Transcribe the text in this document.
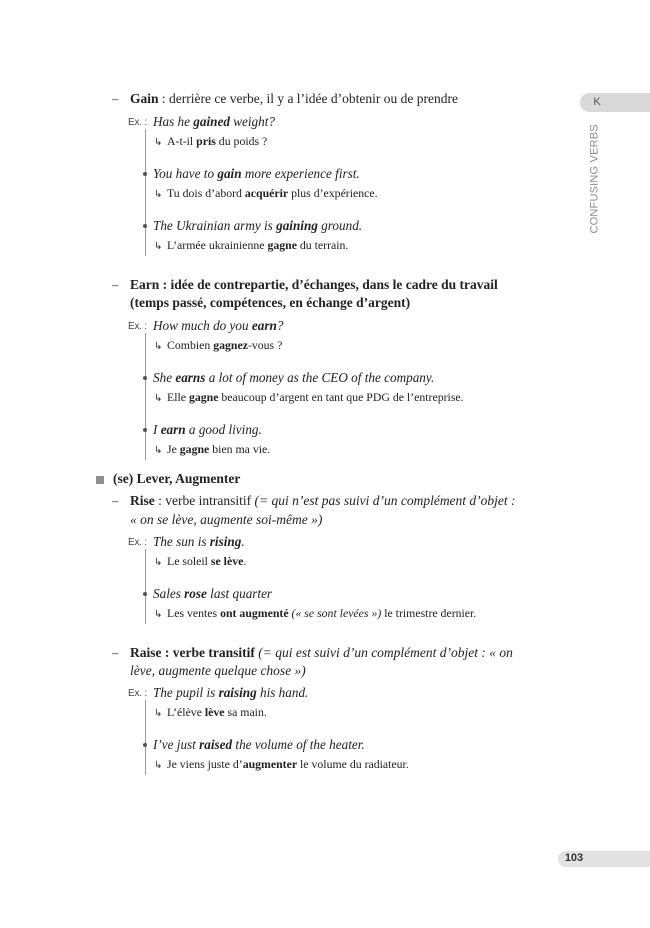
K
CONFUSING VERBS
– Gain : derrière ce verbe, il y a l’idée d’obtenir ou de prendre
Ex. : Has he gained weight?
↳ A-t-il pris du poids ?
You have to gain more experience first.
↳ Tu dois d’abord acquérir plus d’expérience.
The Ukrainian army is gaining ground.
↳ L’armée ukrainienne gagne du terrain.
– Earn : idée de contrepartie, d’échanges, dans le cadre du travail
(temps passé, compétences, en échange d’argent)
Ex. : How much do you earn?
↳ Combien gagnez-vous ?
She earns a lot of money as the CEO of the company.
↳ Elle gagne beaucoup d’argent en tant que PDG de l’entreprise.
I earn a good living.
↳ Je gagne bien ma vie.
(se) Lever, Augmenter
– Rise : verbe intransitif (= qui n’est pas suivi d’un complément d’objet :
« on se lève, augmente soi-même »)
Ex. : The sun is rising.
↳ Le soleil se lève.
Sales rose last quarter
↳ Les ventes ont augmenté (« se sont levées ») le trimestre dernier.
– Raise : verbe transitif (= qui est suivi d’un complément d’objet : « on
lève, augmente quelque chose »)
Ex. : The pupil is raising his hand.
↳ L’élève lève sa main.
I’ve just raised the volume of the heater.
↳ Je viens juste d’augmenter le volume du radiateur.
103
